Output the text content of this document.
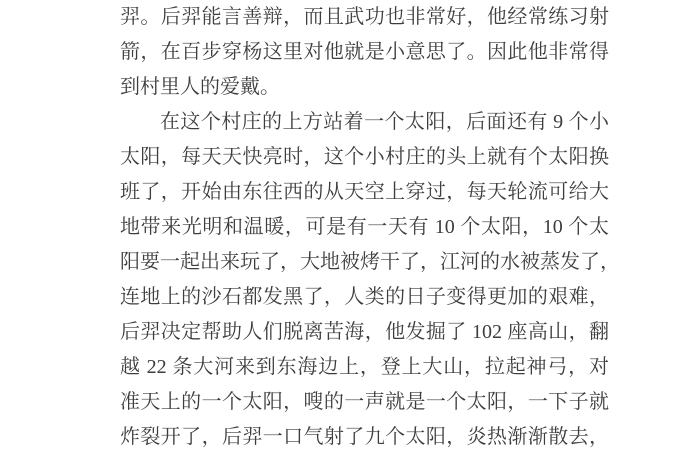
羿。后羿能言善辩，而且武功也非常好，他经常练习射
箭，在百步穿杨这里对他就是小意思了。因此他非常得
到村里人的爱戴。
在这个村庄的上方站着一个太阳，后面还有 9 个小
太阳，每天天快亮时，这个小村庄的头上就有个太阳换
班了，开始由东往西的从天空上穿过，每天轮流可给大
地带来光明和温暖，可是有一天有 10 个太阳，10 个太
阳要一起出来玩了，大地被烤干了，江河的水被蒸发了，
连地上的沙石都发黑了，人类的日子变得更加的艰难，
后羿决定帮助人们脱离苦海，他发掘了 102 座高山，翻
越 22 条大河来到东海边上，登上大山，拉起神弓，对
准天上的一个太阳，嗖的一声就是一个太阳，一下子就
炸裂开了，后羿一口气射了九个太阳，炎热渐渐散去，
